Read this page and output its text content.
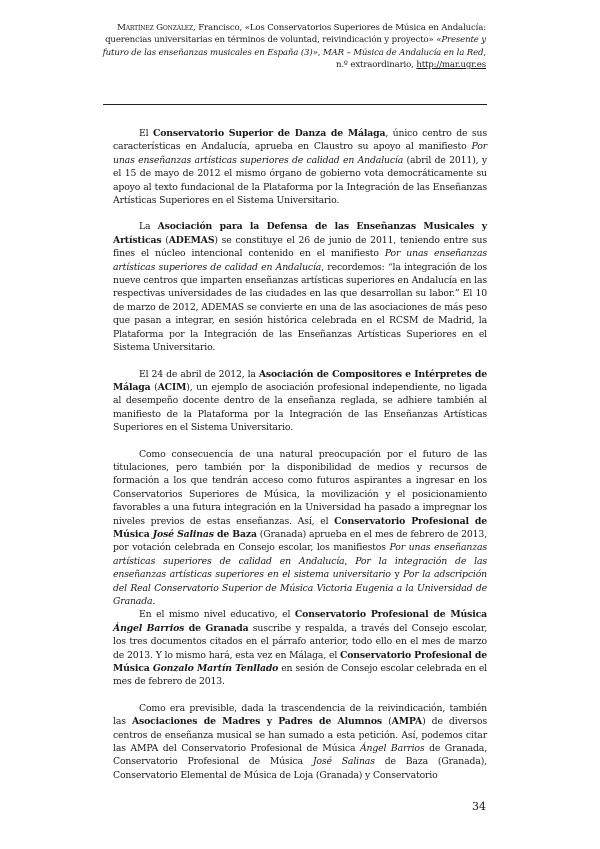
Martínez González, Francisco, «Los Conservatorios Superiores de Música en Andalucía: querencias universitarias en términos de voluntad, reivindicación y proyecto» «Presente y futuro de las enseñanzas musicales en España (3)», MAR – Música de Andalucía en la Red, n.º extraordinario, http://mar.ugr.es

El Conservatorio Superior de Danza de Málaga, único centro de sus características en Andalucía, aprueba en Claustro su apoyo al manifiesto Por unas enseñanzas artísticas superiores de calidad en Andalucía (abril de 2011), y el 15 de mayo de 2012 el mismo órgano de gobierno vota democráticamente su apoyo al texto fundacional de la Plataforma por la Integración de las Enseñanzas Artísticas Superiores en el Sistema Universitario.

La Asociación para la Defensa de las Enseñanzas Musicales y Artísticas (ADEMAS) se constituye el 26 de junio de 2011, teniendo entre sus fines el núcleo intencional contenido en el manifiesto Por unas enseñanzas artísticas superiores de calidad en Andalucía, recordemos: “la integración de los nueve centros que imparten enseñanzas artísticas superiores en Andalucía en las respectivas universidades de las ciudades en las que desarrollan su labor.” El 10 de marzo de 2012, ADEMAS se convierte en una de las asociaciones de más peso que pasan a integrar, en sesión histórica celebrada en el RCSM de Madrid, la Plataforma por la Integración de las Enseñanzas Artísticas Superiores en el Sistema Universitario.

El 24 de abril de 2012, la Asociación de Compositores e Intérpretes de Málaga (ACIM), un ejemplo de asociación profesional independiente, no ligada al desempeño docente dentro de la enseñanza reglada, se adhiere también al manifiesto de la Plataforma por la Integración de las Enseñanzas Artísticas Superiores en el Sistema Universitario.

Como consecuencia de una natural preocupación por el futuro de las titulaciones, pero también por la disponibilidad de medios y recursos de formación a los que tendrán acceso como futuros aspirantes a ingresar en los Conservatorios Superiores de Música, la movilización y el posicionamiento favorables a una futura integración en la Universidad ha pasado a impregnar los niveles previos de estas enseñanzas. Así, el Conservatorio Profesional de Música José Salinas de Baza (Granada) aprueba en el mes de febrero de 2013, por votación celebrada en Consejo escolar, los manifiestos Por unas enseñanzas artísticas superiores de calidad en Andalucía, Por la integración de las enseñanzas artísticas superiores en el sistema universitario y Por la adscripción del Real Conservatorio Superior de Música Victoria Eugenia a la Universidad de Granada.

En el mismo nivel educativo, el Conservatorio Profesional de Música Ángel Barrios de Granada suscribe y respalda, a través del Consejo escolar, los tres documentos citados en el párrafo anterior, todo ello en el mes de marzo de 2013. Y lo mismo hará, esta vez en Málaga, el Conservatorio Profesional de Música Gonzalo Martín Tenllado en sesión de Consejo escolar celebrada en el mes de febrero de 2013.

Como era previsible, dada la trascendencia de la reivindicación, también las Asociaciones de Madres y Padres de Alumnos (AMPA) de diversos centros de enseñanza musical se han sumado a esta petición. Así, podemos citar las AMPA del Conservatorio Profesional de Música Ángel Barrios de Granada, Conservatorio Profesional de Música José Salinas de Baza (Granada), Conservatorio Elemental de Música de Loja (Granada) y Conservatorio

34
